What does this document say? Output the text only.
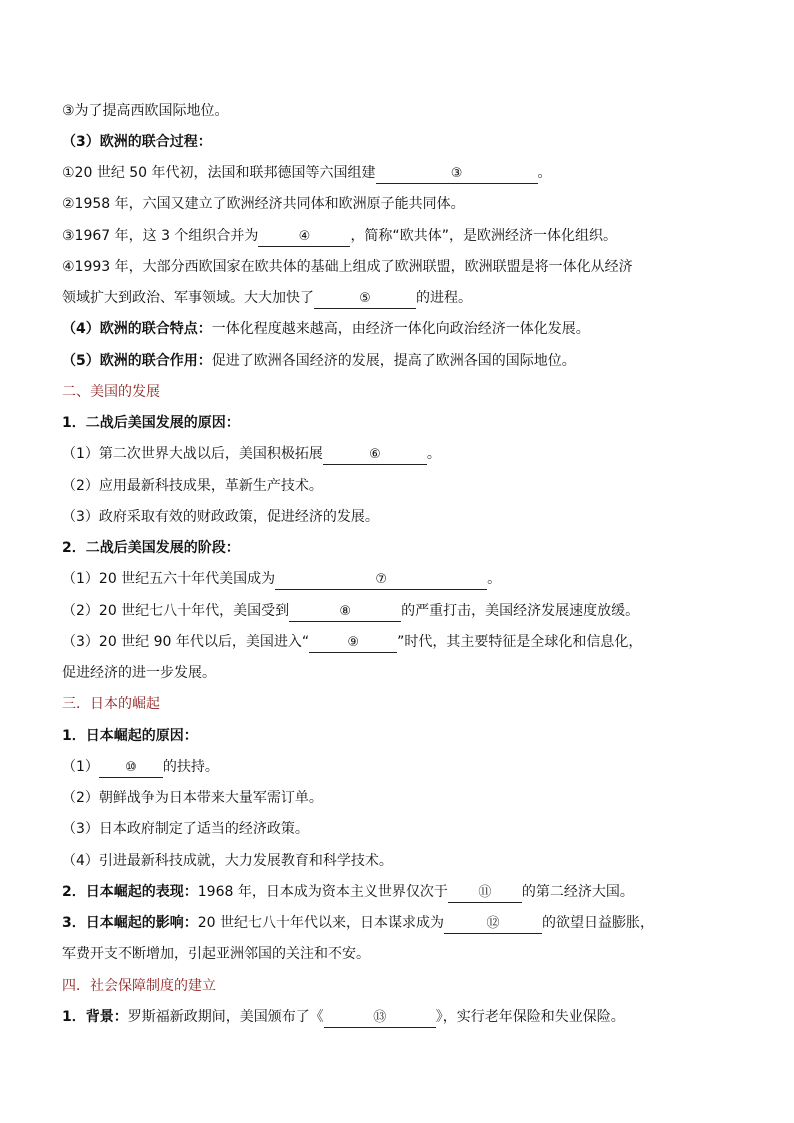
③为了提高西欧国际地位。
（3）欧洲的联合过程：
①20 世纪 50 年代初，法国和联邦德国等六国组建	③	。
②1958 年，六国又建立了欧洲经济共同体和欧洲原子能共同体。
③1967 年，这 3 个组织合并为	④	，简称“欧共体”，是欧洲经济一体化组织。
④1993 年，大部分西欧国家在欧共体的基础上组成了欧洲联盟，欧洲联盟是将一体化从经济
领域扩大到政治、军事领域。大大加快了	⑤	的进程。
（4）欧洲的联合特点：一体化程度越来越高，由经济一体化向政治经济一体化发展。
（5）欧洲的联合作用：促进了欧洲各国经济的发展，提高了欧洲各国的国际地位。
二、美国的发展
1．二战后美国发展的原因：
（1）第二次世界大战以后，美国积极拓展	⑥	。
（2）应用最新科技成果，革新生产技术。
（3）政府采取有效的财政政策，促进经济的发展。
2．二战后美国发展的阶段：
（1）20 世纪五六十年代美国成为	⑦	。
（2）20 世纪七八十年代，美国受到	⑧	的严重打击，美国经济发展速度放缓。
（3）20 世纪 90 年代以后，美国进入“	⑨	”时代，其主要特征是全球化和信息化，
促进经济的进一步发展。
三．日本的崛起
1．日本崛起的原因：
（1） ⑩ 的扶持。
（2）朝鲜战争为日本带来大量军需订单。
（3）日本政府制定了适当的经济政策。
（4）引进最新科技成就，大力发展教育和科学技术。
2．日本崛起的表现：1968 年，日本成为资本主义世界仅次于 ⑪ 的第二经济大国。
3．日本崛起的影响：20 世纪七八十年代以来，日本谋求成为	⑫	的欲望日益膨胀，
军费开支不断增加，引起亚洲邻国的关注和不安。
四．社会保障制度的建立
1．背景：罗斯福新政期间，美国颁布了《	⑬	》，实行老年保险和失业保险。
